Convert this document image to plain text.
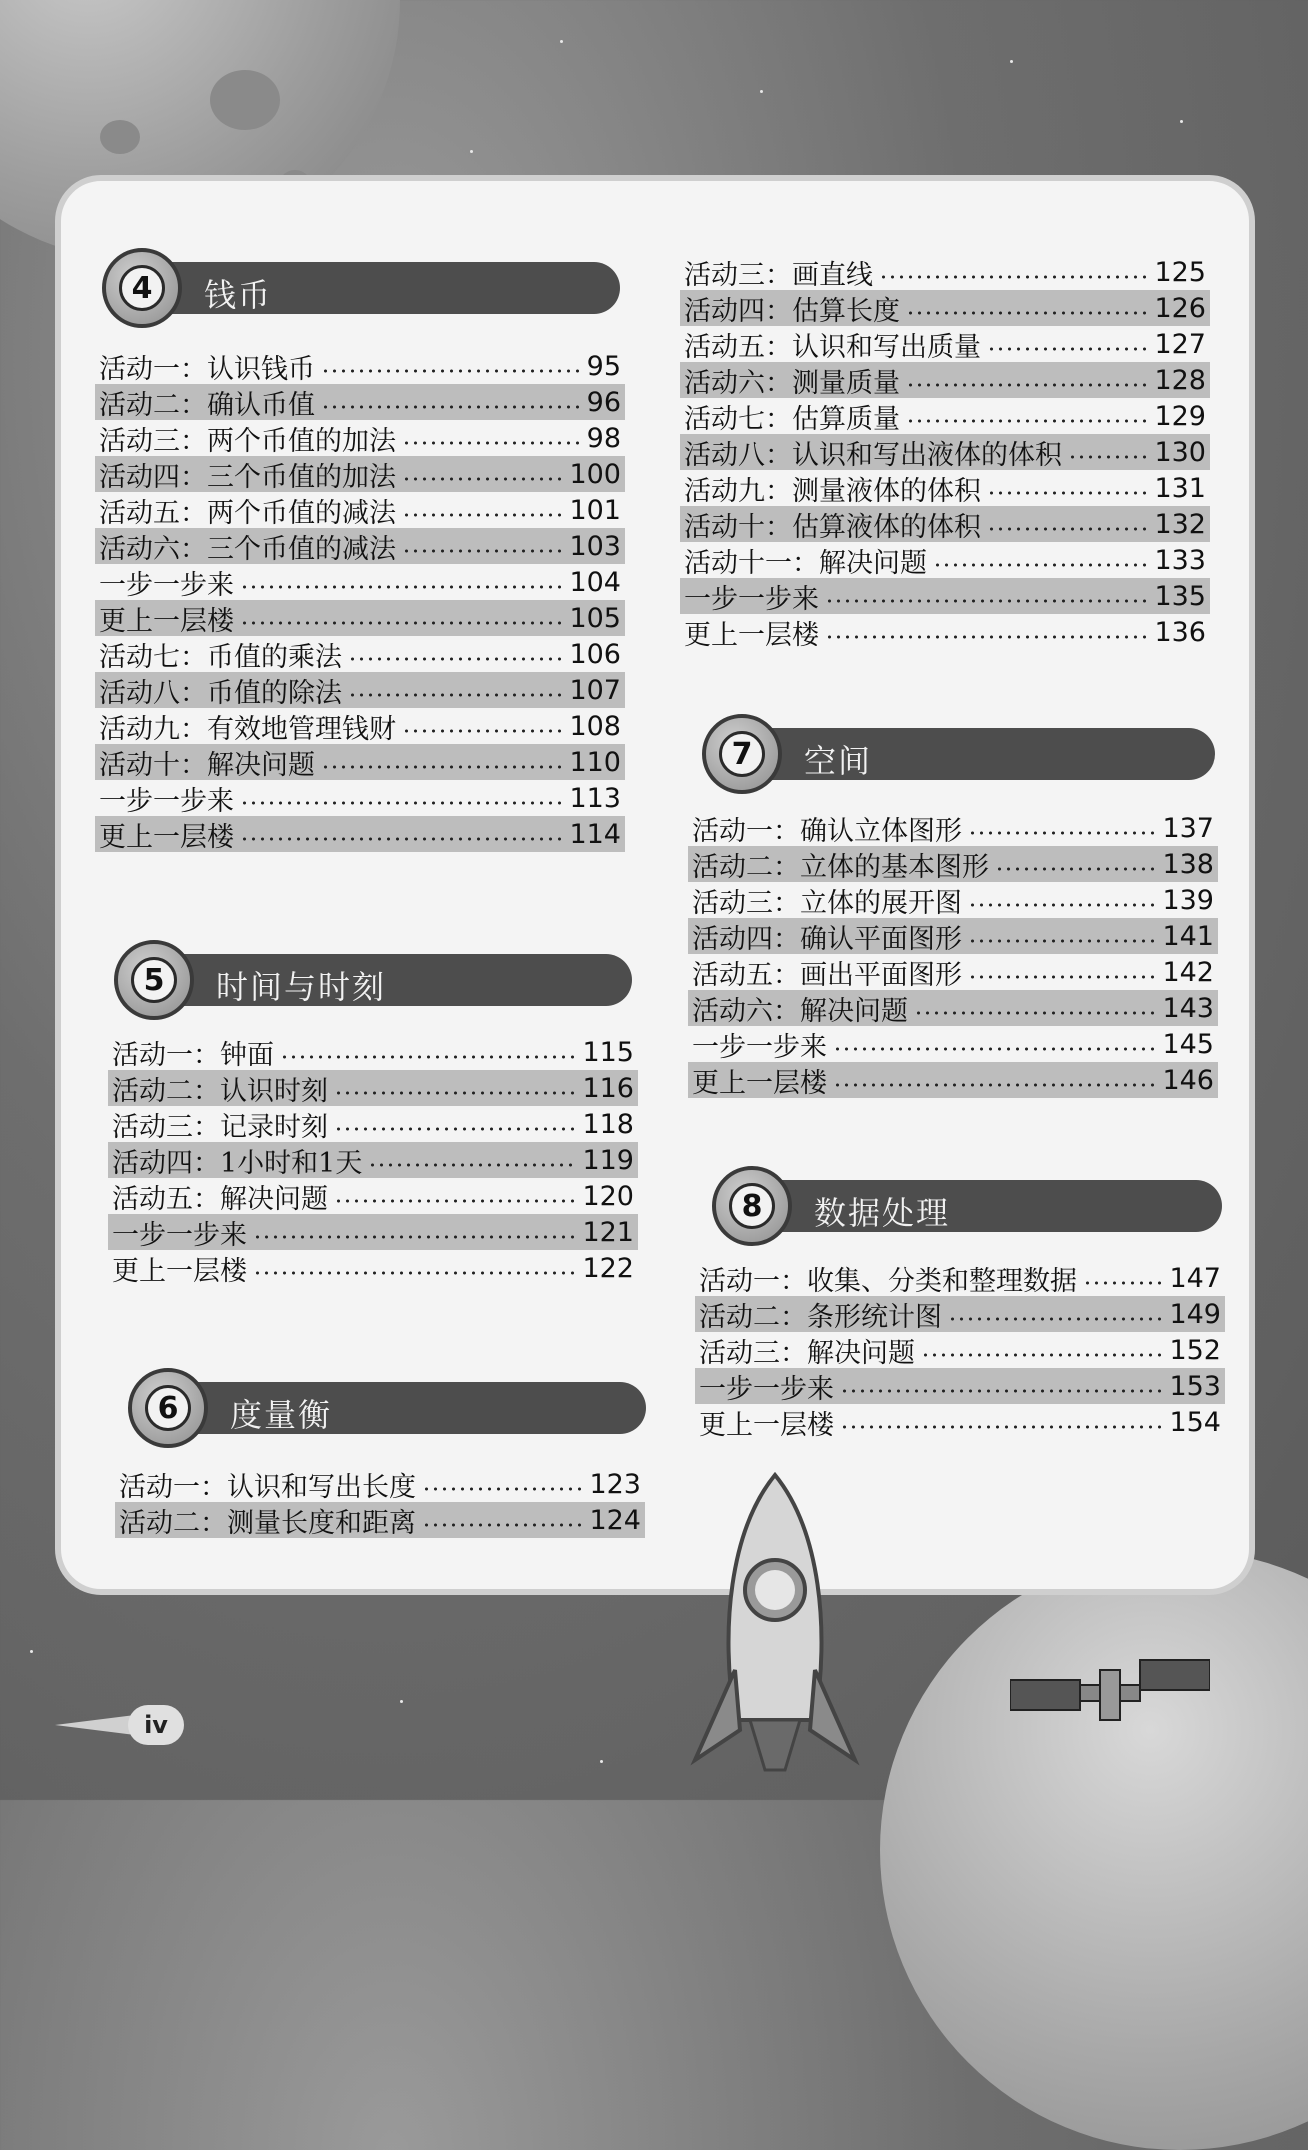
4	钱币
活动一：认识钱币	95
活动二：确认币值	96
活动三：两个币值的加法	98
活动四：三个币值的加法	100
活动五：两个币值的减法	101
活动六：三个币值的减法	103
一步一步来	104
更上一层楼	105
活动七：币值的乘法	106
活动八：币值的除法	107
活动九：有效地管理钱财	108
活动十：解决问题	110
一步一步来	113
更上一层楼	114
5	时间与时刻
活动一：钟面	115
活动二：认识时刻	116
活动三：记录时刻	118
活动四：1小时和1天	119
活动五：解决问题	120
一步一步来	121
更上一层楼	122
6	度量衡
活动一：认识和写出长度	123
活动二：测量长度和距离	124
活动三：画直线	125
活动四：估算长度	126
活动五：认识和写出质量	127
活动六：测量质量	128
活动七：估算质量	129
活动八：认识和写出液体的体积	130
活动九：测量液体的体积	131
活动十：估算液体的体积	132
活动十一：解决问题	133
一步一步来	135
更上一层楼	136
7	空间
活动一：确认立体图形	137
活动二：立体的基本图形	138
活动三：立体的展开图	139
活动四：确认平面图形	141
活动五：画出平面图形	142
活动六：解决问题	143
一步一步来	145
更上一层楼	146
8	数据处理
活动一：收集、分类和整理数据	147
活动二：条形统计图	149
活动三：解决问题	152
一步一步来	153
更上一层楼	154
iv
